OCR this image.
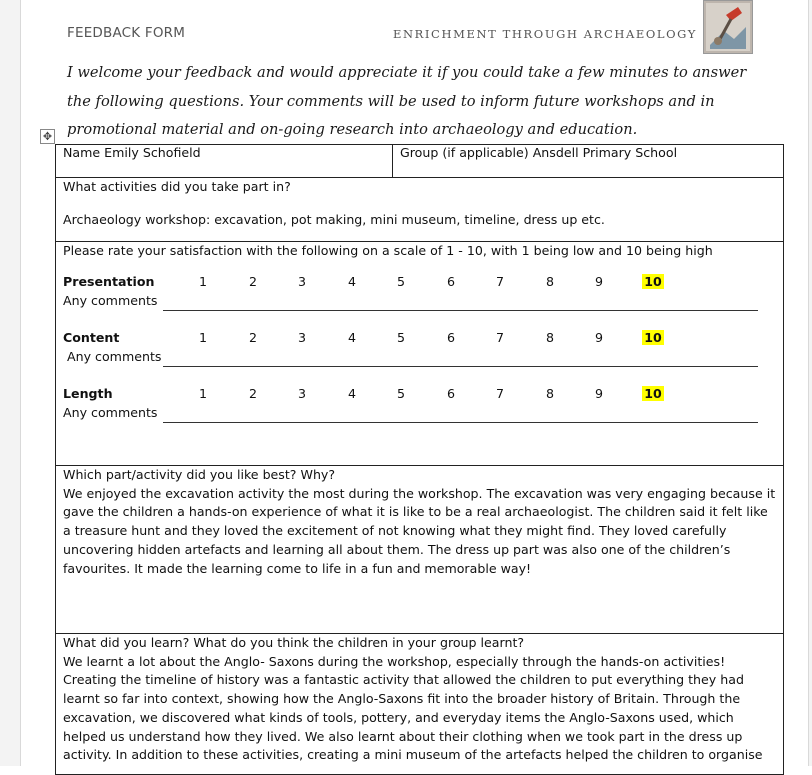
FEEDBACK FORM	ENRICHMENT THROUGH ARCHAEOLOGY
I welcome your feedback and would appreciate it if you could take a few minutes to answer the following questions. Your comments will be used to inform future workshops and in promotional material and on-going research into archaeology and education.
✥
Name Emily Schofield	Group (if applicable) Ansdell Primary School

What activities did you take part in?
Archaeology workshop: excavation, pot making, mini museum, timeline, dress up etc.

Please rate your satisfaction with the following on a scale of 1 - 10, with 1 being low and 10 being high
Presentation	1	2	3	4	5	6	7	8	9	10
Any comments
Content	1	2	3	4	5	6	7	8	9	10
Any comments
Length	1	2	3	4	5	6	7	8	9	10
Any comments

Which part/activity did you like best? Why?
We enjoyed the excavation activity the most during the workshop. The excavation was very engaging because it gave the children a hands-on experience of what it is like to be a real archaeologist. The children said it felt like a treasure hunt and they loved the excitement of not knowing what they might find. They loved carefully uncovering hidden artefacts and learning all about them. The dress up part was also one of the children’s favourites. It made the learning come to life in a fun and memorable way!

What did you learn? What do you think the children in your group learnt?
We learnt a lot about the Anglo- Saxons during the workshop, especially through the hands-on activities! Creating the timeline of history was a fantastic activity that allowed the children to put everything they had learnt so far into context, showing how the Anglo-Saxons fit into the broader history of Britain. Through the excavation, we discovered what kinds of tools, pottery, and everyday items the Anglo-Saxons used, which helped us understand how they lived. We also learnt about their clothing when we took part in the dress up activity. In addition to these activities, creating a mini museum of the artefacts helped the children to organise
